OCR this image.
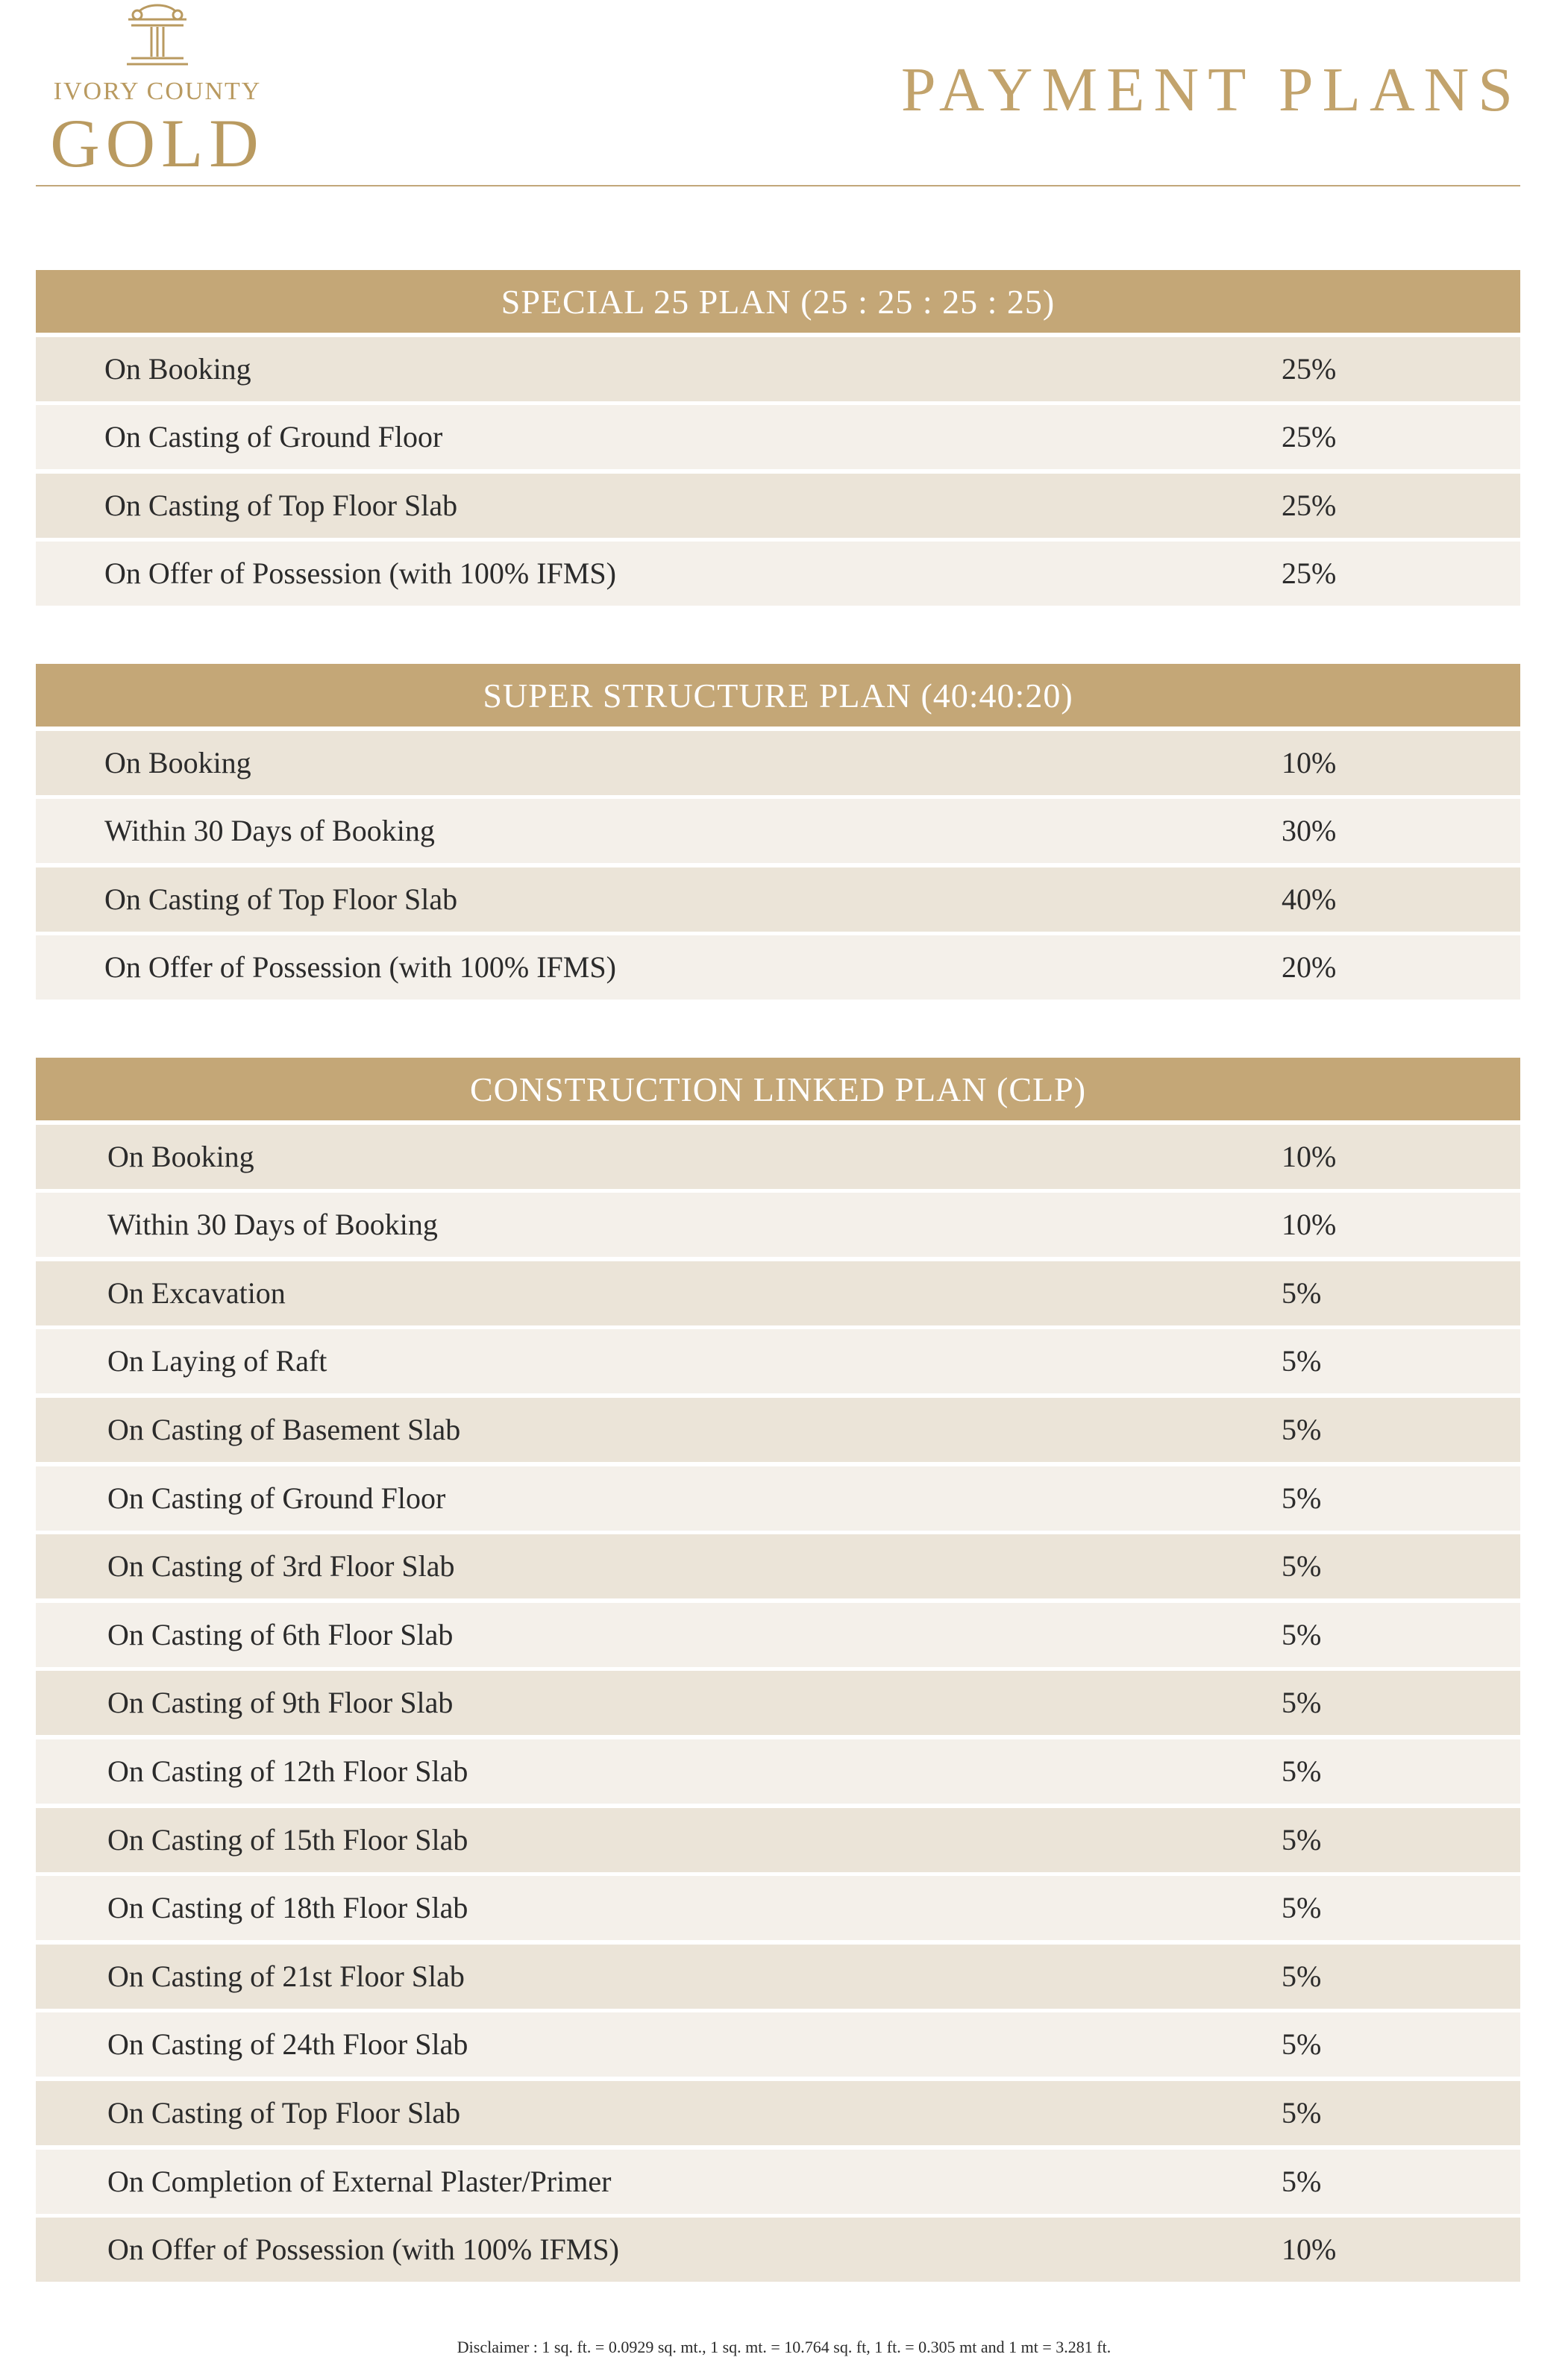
IVORY COUNTY
GOLD
PAYMENT PLANS
SPECIAL 25 PLAN (25 : 25 : 25 : 25)
On Booking	25%
On Casting of Ground Floor	25%
On Casting of Top Floor Slab	25%
On Offer of Possession (with 100% IFMS)	25%
SUPER STRUCTURE PLAN (40:40:20)
On Booking	10%
Within 30 Days of Booking	30%
On Casting of Top Floor Slab	40%
On Offer of Possession (with 100% IFMS)	20%
CONSTRUCTION LINKED PLAN (CLP)
On Booking	10%
Within 30 Days of Booking	10%
On Excavation	5%
On Laying of Raft	5%
On Casting of Basement Slab	5%
On Casting of Ground Floor	5%
On Casting of 3rd Floor Slab	5%
On Casting of 6th Floor Slab	5%
On Casting of 9th Floor Slab	5%
On Casting of 12th Floor Slab	5%
On Casting of 15th Floor Slab	5%
On Casting of 18th Floor Slab	5%
On Casting of 21st Floor Slab	5%
On Casting of 24th Floor Slab	5%
On Casting of Top Floor Slab	5%
On Completion of External Plaster/Primer	5%
On Offer of Possession (with 100% IFMS)	10%
Disclaimer : 1 sq. ft. = 0.0929 sq. mt., 1 sq. mt. = 10.764 sq. ft, 1 ft. = 0.305 mt and 1 mt = 3.281 ft.
